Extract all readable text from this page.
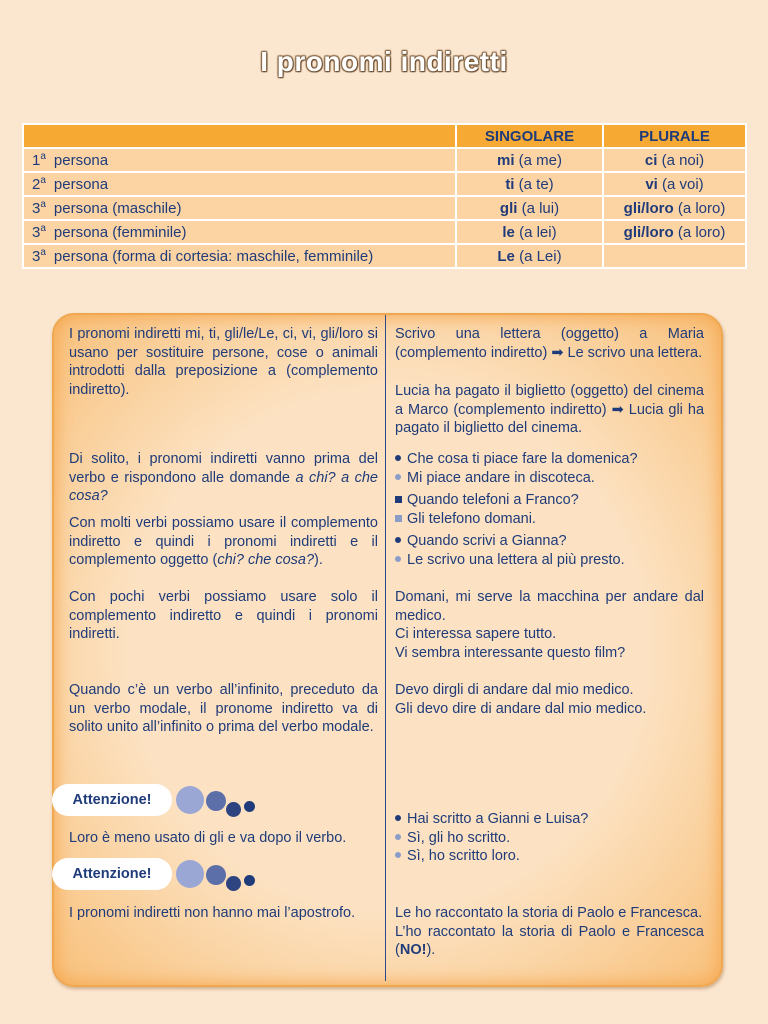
I pronomi indiretti
	SINGOLARE	PLURALE
1$^a$ persona	mi (a me)	ci (a noi)
2$^a$ persona	ti (a te)	vi (a voi)
3$^a$ persona (maschile)	gli (a lui)	gli/loro (a loro)
3$^a$ persona (femminile)	le (a lei)	gli/loro (a loro)
3$^a$ persona (forma di cortesia: maschile, femminile)	Le (a Lei)	
I pronomi indiretti mi, ti, gli/le/Le, ci, vi, gli/loro si usano per sostituire persone, cose o animali introdotti dalla preposizione a (complemento indiretto).
Di solito, i pronomi indiretti vanno prima del verbo e rispondono alle domande a chi? a che cosa?
Con molti verbi possiamo usare il complemento indiretto e quindi i pronomi indiretti e il complemento oggetto (chi? che cosa?).
Con pochi verbi possiamo usare solo il complemento indiretto e quindi i pronomi indiretti.
Quando c’è un verbo all’infinito, preceduto da un verbo modale, il pronome indiretto va di solito unito all’infinito o prima del verbo modale.
Attenzione!
Loro è meno usato di gli e va dopo il verbo.
Attenzione!
I pronomi indiretti non hanno mai l’apostrofo.
Scrivo una lettera (oggetto) a Maria (complemento indiretto) ➡ Le scrivo una lettera.
Lucia ha pagato il biglietto (oggetto) del cinema a Marco (complemento indiretto) ➡ Lucia gli ha pagato il biglietto del cinema.
Che cosa ti piace fare la domenica?
Mi piace andare in discoteca.
Quando telefoni a Franco?
Gli telefono domani.
Quando scrivi a Gianna?
Le scrivo una lettera al più presto.
Domani, mi serve la macchina per andare dal medico.
Ci interessa sapere tutto.
Vi sembra interessante questo film?
Devo dirgli di andare dal mio medico.
Gli devo dire di andare dal mio medico.
Hai scritto a Gianni e Luisa?
Sì, gli ho scritto.
Sì, ho scritto loro.
Le ho raccontato la storia di Paolo e Francesca.
L’ho raccontato la storia di Paolo e Francesca (NO!).
